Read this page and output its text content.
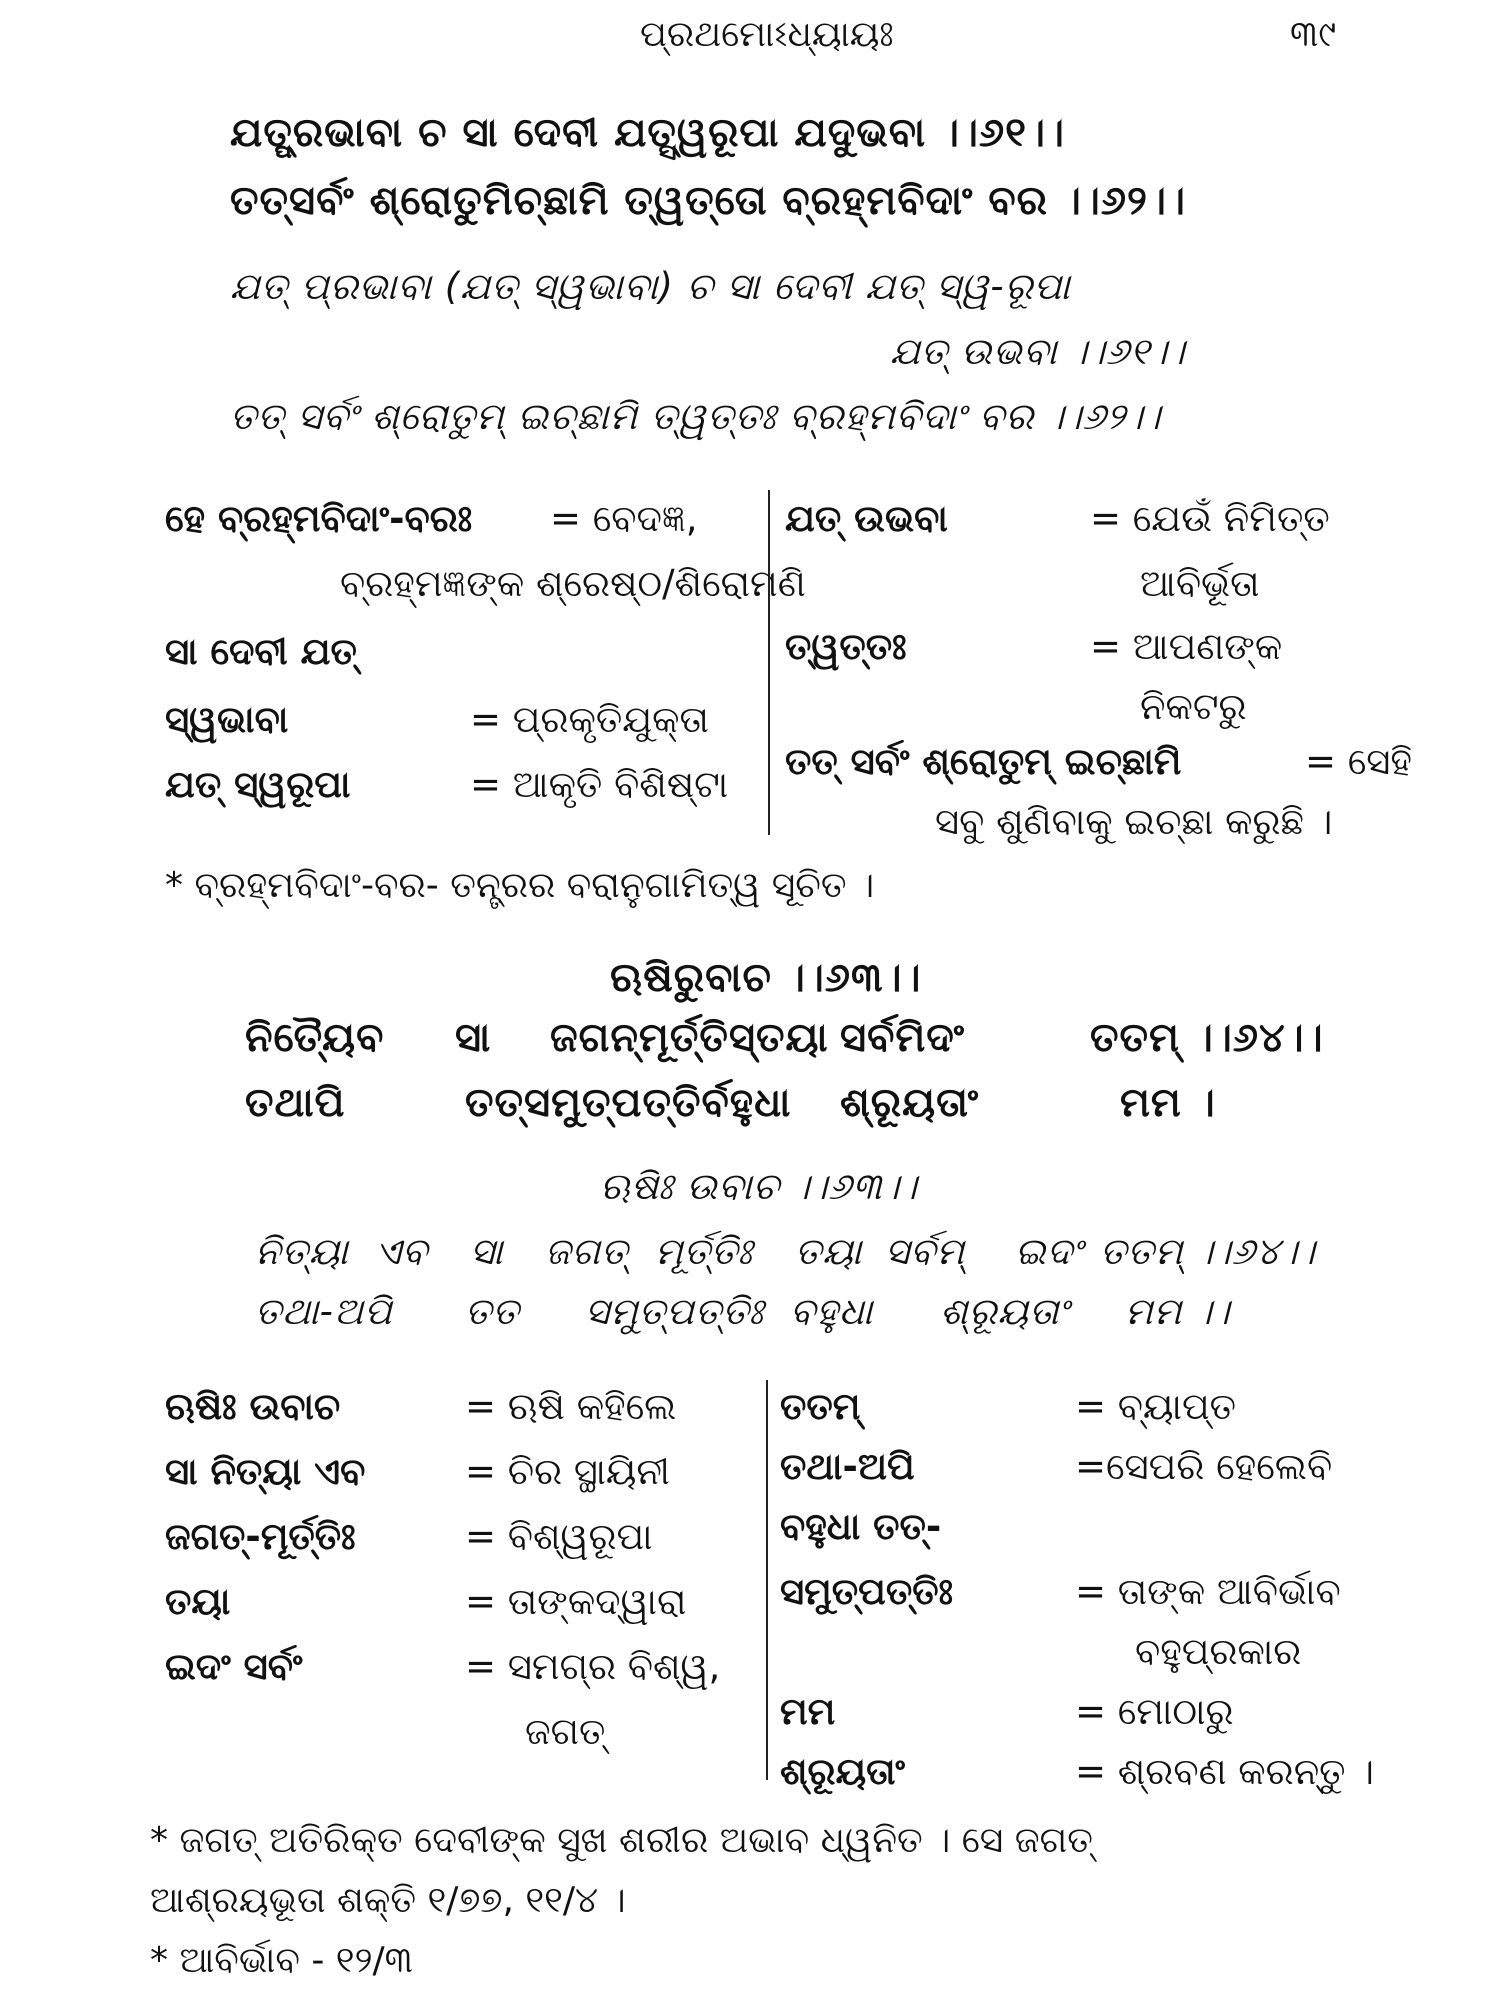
ପ୍ରଥମୋଽଧ୍ୟାୟଃ	୩୯
ଯତ୍ପ୍ରଭାବା ଚ ସା ଦେବୀ ଯତ୍ସ୍ୱରୂପା ଯଦୁଭବା ।।୬୧।।
ତତ୍ସର୍ବଂ ଶ୍ରୋତୁମିଚ୍ଛାମି ତ୍ୱତ୍ତୋ ବ୍ରହ୍ମବିଦାଂ ବର ।।୬୨।।
ଯତ୍ ପ୍ରଭାବା (ଯତ୍ ସ୍ୱଭାବା) ଚ ସା ଦେବୀ ଯତ୍ ସ୍ୱ-ରୂପା
ଯତ୍ ଉଭବା ।।୬୧।।
ତତ୍ ସର୍ବଂ ଶ୍ରୋତୁମ୍ ଇଚ୍ଛାମି ତ୍ୱତ୍ତଃ ବ୍ରହ୍ମବିଦାଂ ବର ।।୬୨।।
ହେ ବ୍ରହ୍ମବିଦାଂ-ବରଃ = ବେଦଜ୍ଞ,
ବ୍ରହ୍ମଜ୍ଞଙ୍କ ଶ୍ରେଷ୍ଠ/ଶିରୋମଣି
ସା ଦେବୀ ଯତ୍
ସ୍ୱଭାବା	= ପ୍ରକୃତିଯୁକ୍ତା
ଯତ୍ ସ୍ୱରୂପା	= ଆକୃତି ବିଶିଷ୍ଟା
ଯତ୍ ଉଭବା	= ଯେଉଁ ନିମିତ୍ତ
ଆବିର୍ଭୂତା
ତ୍ୱତ୍ତଃ	= ଆପଣଙ୍କ
ନିକଟରୁ
ତତ୍ ସର୍ବଂ ଶ୍ରୋତୁମ୍ ଇଚ୍ଛାମି	= ସେହି
ସବୁ ଶୁଣିବାକୁ ଇଚ୍ଛା କରୁଛି ।
* ବ୍ରହ୍ମବିଦାଂ-ବର- ତନ୍ତ୍ରର ବରାନୁଗାମିତ୍ୱ ସୂଚିତ ।
ଋଷିରୁବାଚ ।।୬୩।।
ନିତ୍ୟୈବ ସା ଜଗନ୍ମୂର୍ତ୍ତିସ୍ତୟା ସର୍ବମିଦଂ	ତତମ୍ ।।୬୪।।
ତଥାପି	ତତ୍ସମୁତ୍ପତ୍ତିର୍ବହୁଧା ଶ୍ରୂୟତାଂ	ମମ ।
ଋଷିଃ ଉବାଚ ।।୬୩।।
ନିତ୍ୟା ଏବ ସା ଜଗତ୍ ମୂର୍ତ୍ତିଃ ତୟା ସର୍ବମ୍ ଇଦଂ ତତମ୍ ।।୬୪।।
ତଥା-ଅପି ତତ ସମୁତ୍ପତ୍ତିଃ ବହୁଧା ଶ୍ରୂୟତାଂ ମମ ।।
ଋଷିଃ ଉବାଚ	= ଋଷି କହିଲେ
ସା ନିତ୍ୟା ଏବ	= ଚିର ସ୍ଥାୟିନୀ
ଜଗତ୍-ମୂର୍ତ୍ତିଃ	= ବିଶ୍ୱରୂପା
ତୟା	= ତାଙ୍କଦ୍ୱାରା
ଇଦଂ ସର୍ବଂ	= ସମଗ୍ର ବିଶ୍ୱ,
ଜଗତ୍
ତତମ୍	= ବ୍ୟାପ୍ତ
ତଥା-ଅପି	=ସେପରି ହେଲେବି
ବହୁଧା ତତ୍-
ସମୁତ୍ପତ୍ତିଃ	= ତାଙ୍କ ଆବିର୍ଭାବ
ବହୁପ୍ରକାର
ମମ	= ମୋଠାରୁ
ଶ୍ରୂୟତାଂ	= ଶ୍ରବଣ କରନ୍ତୁ ।
* ଜଗତ୍ ଅତିରିକ୍ତ ଦେବୀଙ୍କ ସୁଖ ଶରୀର ଅଭାବ ଧ୍ୱନିତ । ସେ ଜଗତ୍
ଆଶ୍ରୟଭୂତା ଶକ୍ତି ୧/୭୭, ୧୧/୪ ।
* ଆବିର୍ଭାବ - ୧୨/୩
